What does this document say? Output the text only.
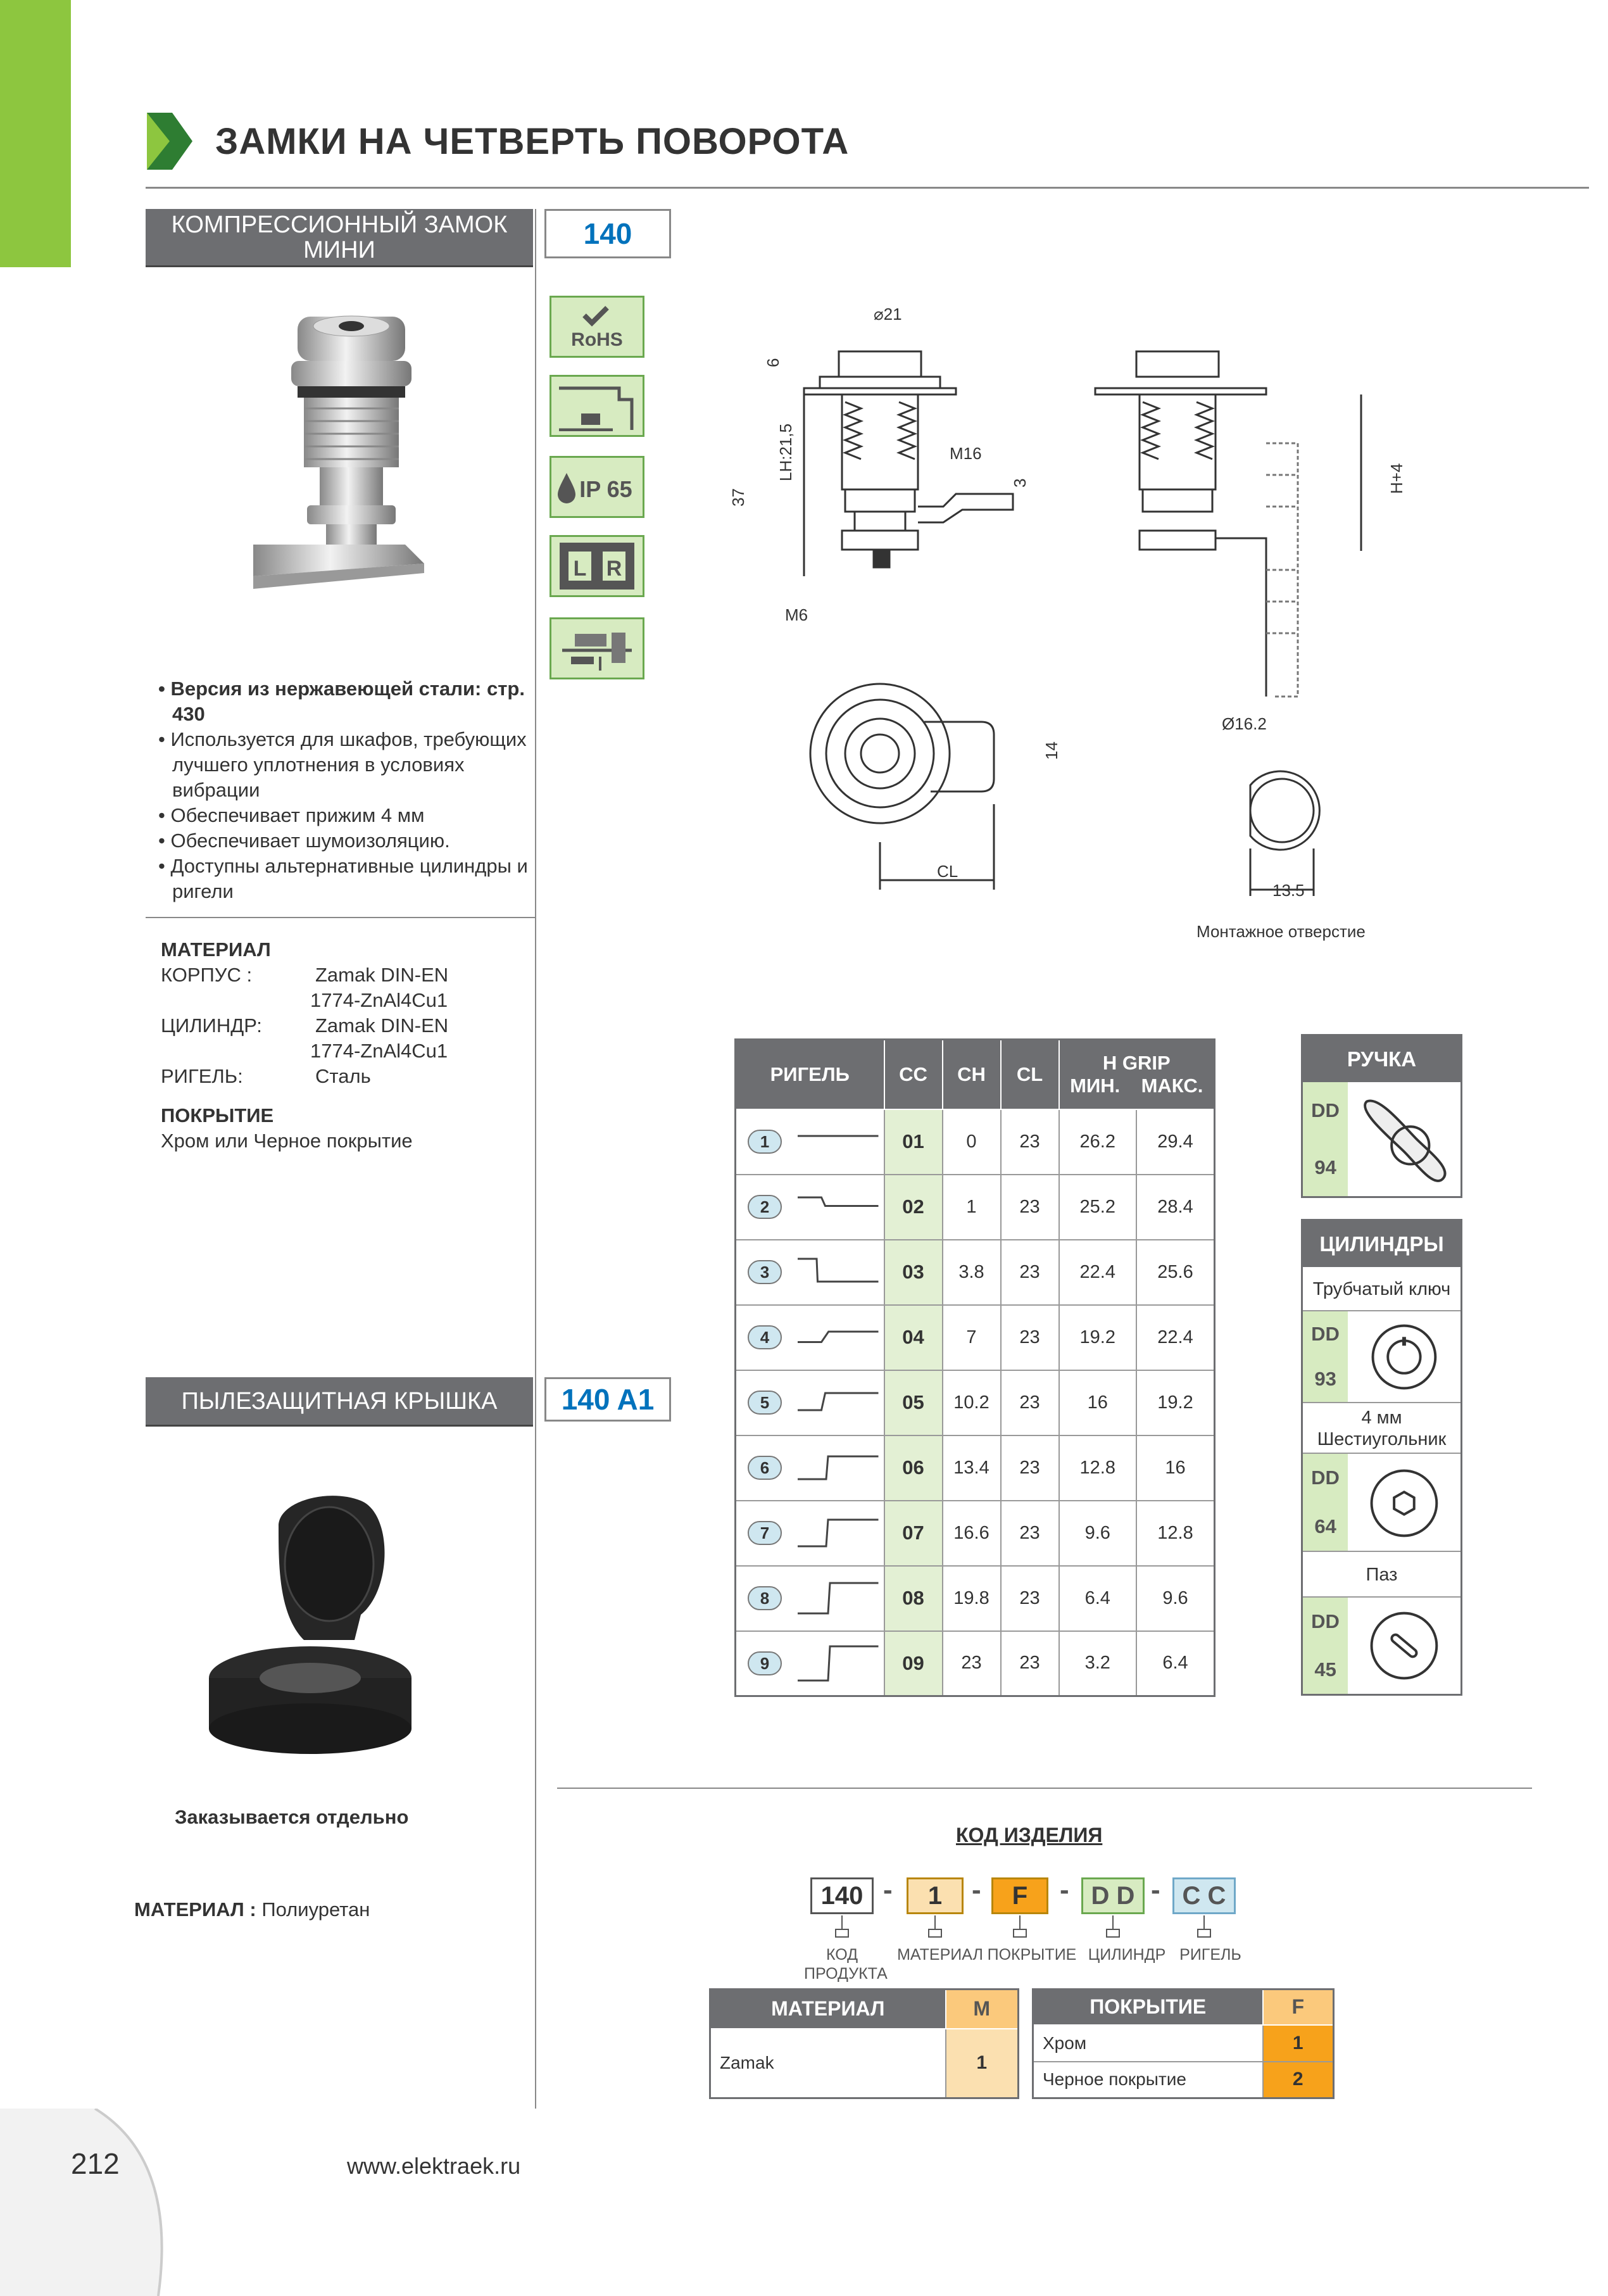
ЗАМКИ НА ЧЕТВЕРТЬ ПОВОРОТА
КОМПРЕССИОННЫЙ ЗАМОК МИНИ	140
RoHS
IP 65
L R
• Версия из нержавеющей стали: стр. 430
• Используется для шкафов, требующих лучшего уплотнения в условиях вибрации
• Обеспечивает прижим 4 мм
• Обеспечивает шумоизоляцию.
• Доступны альтернативные цилиндры и ригели
МАТЕРИАЛ
КОРПУС :	Zamak DIN-EN
1774-ZnAl4Cu1
ЦИЛИНДР:	Zamak DIN-EN
1774-ZnAl4Cu1
РИГЕЛЬ:	Сталь
ПОКРЫТИЕ
Хром или Черное покрытие
ПЫЛЕЗАЩИТНАЯ КРЫШКА	140 A1
Заказывается отдельно
МАТЕРИАЛ : Полиуретан
⌀21
6
LH:21,5
37
M16
3
M6
H+4
14
CL
Ø16.2
13.5
Монтажное отверстие
РИГЕЛЬ	CC	CH	CL	H GRIP
МИН. МАКС.	

1	01	0	23	26.2	29.4

2	02	1	23	25.2	28.4

3	03	3.8	23	22.4	25.6

4	04	7	23	19.2	22.4

5	05	10.2	23	16	19.2

6	06	13.4	23	12.8	16

7	07	16.6	23	9.6	12.8

8	08	19.8	23	6.4	9.6

9	09	23	23	3.2	6.4
РУЧКА
DD
94
ЦИЛИНДРЫ
Трубчатый ключ
DD
93
4 мм Шестиугольник
DD
64
Паз
DD
45
КОД ИЗДЕЛИЯ
140 -	1	-	F	- D D - C C
КОД ПРОДУКТА
МАТЕРИАЛ ПОКРЫТИЕ ЦИЛИНДР РИГЕЛЬ
МАТЕРИАЛ	M
Zamak	1
ПОКРЫТИЕ	F
Хром	1
Черное покрытие	2
212	www.elektraek.ru
